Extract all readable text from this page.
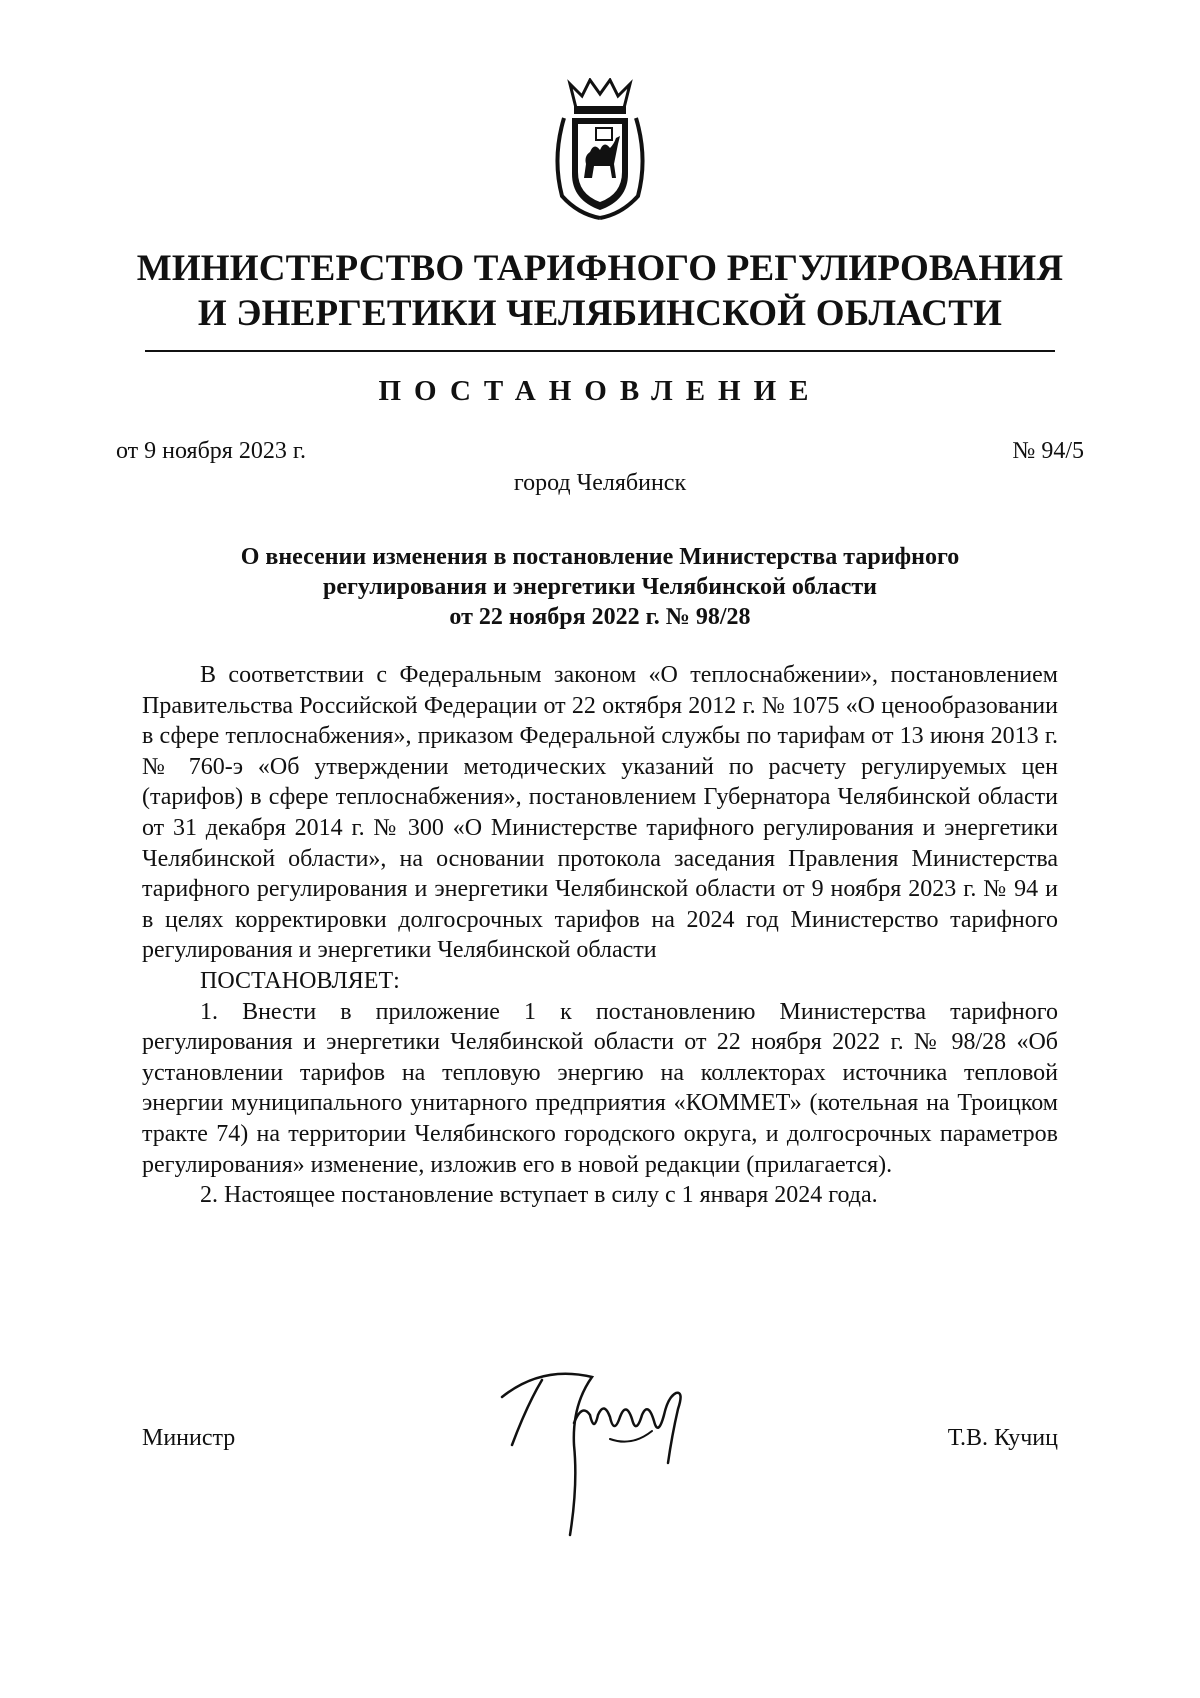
МИНИСТЕРСТВО ТАРИФНОГО РЕГУЛИРОВАНИЯ
И ЭНЕРГЕТИКИ ЧЕЛЯБИНСКОЙ ОБЛАСТИ
ПОСТАНОВЛЕНИЕ
от 9 ноября 2023 г.	№ 94/5
город Челябинск
О внесении изменения в постановление Министерства тарифного
регулирования и энергетики Челябинской области
от 22 ноября 2022 г. № 98/28

В соответствии с Федеральным законом «О теплоснабжении», постановлением Правительства Российской Федерации от 22 октября 2012 г. № 1075 «О ценообразовании в сфере теплоснабжения», приказом Федеральной службы по тарифам от 13 июня 2013 г. № 760-э «Об утверждении методических указаний по расчету регулируемых цен (тарифов) в сфере теплоснабжения», постановлением Губернатора Челябинской области от 31 декабря 2014 г. № 300 «О Министерстве тарифного регулирования и энергетики Челябинской области», на основании протокола заседания Правления Министерства тарифного регулирования и энергетики Челябинской области от 9 ноября 2023 г. № 94 и в целях корректировки долгосрочных тарифов на 2024 год Министерство тарифного регулирования и энергетики Челябинской области

ПОСТАНОВЛЯЕТ:

1. Внести в приложение 1 к постановлению Министерства тарифного регулирования и энергетики Челябинской области от 22 ноября 2022 г. № 98/28 «Об установлении тарифов на тепловую энергию на коллекторах источника тепловой энергии муниципального унитарного предприятия «КОММЕТ» (котельная на Троицком тракте 74) на территории Челябинского городского округа, и долгосрочных параметров регулирования» изменение, изложив его в новой редакции (прилагается).

2. Настоящее постановление вступает в силу с 1 января 2024 года.

Министр	Т.В. Кучиц
